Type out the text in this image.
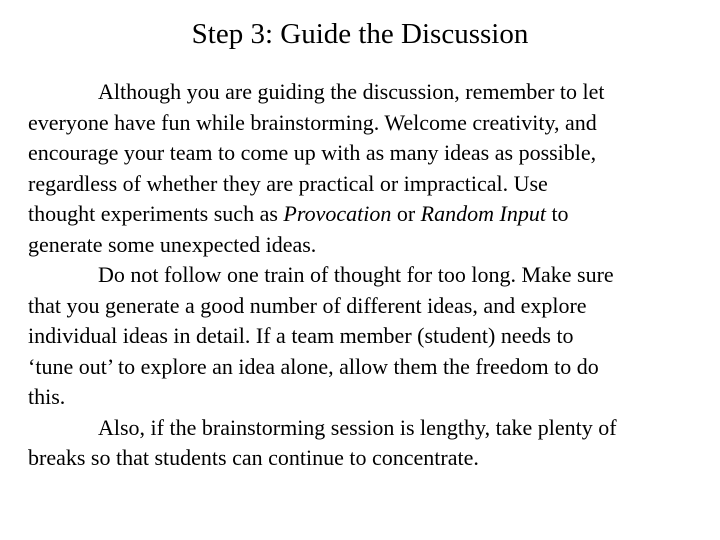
Step 3: Guide the Discussion
Although you are guiding the discussion, remember to let
everyone have fun while brainstorming. Welcome creativity, and
encourage your team to come up with as many ideas as possible,
regardless of whether they are practical or impractical. Use
thought experiments such as Provocation or Random Input to
generate some unexpected ideas.
Do not follow one train of thought for too long. Make sure
that you generate a good number of different ideas, and explore
individual ideas in detail. If a team member (student) needs to
‘tune out’ to explore an idea alone, allow them the freedom to do
this.
Also, if the brainstorming session is lengthy, take plenty of
breaks so that students can continue to concentrate.
